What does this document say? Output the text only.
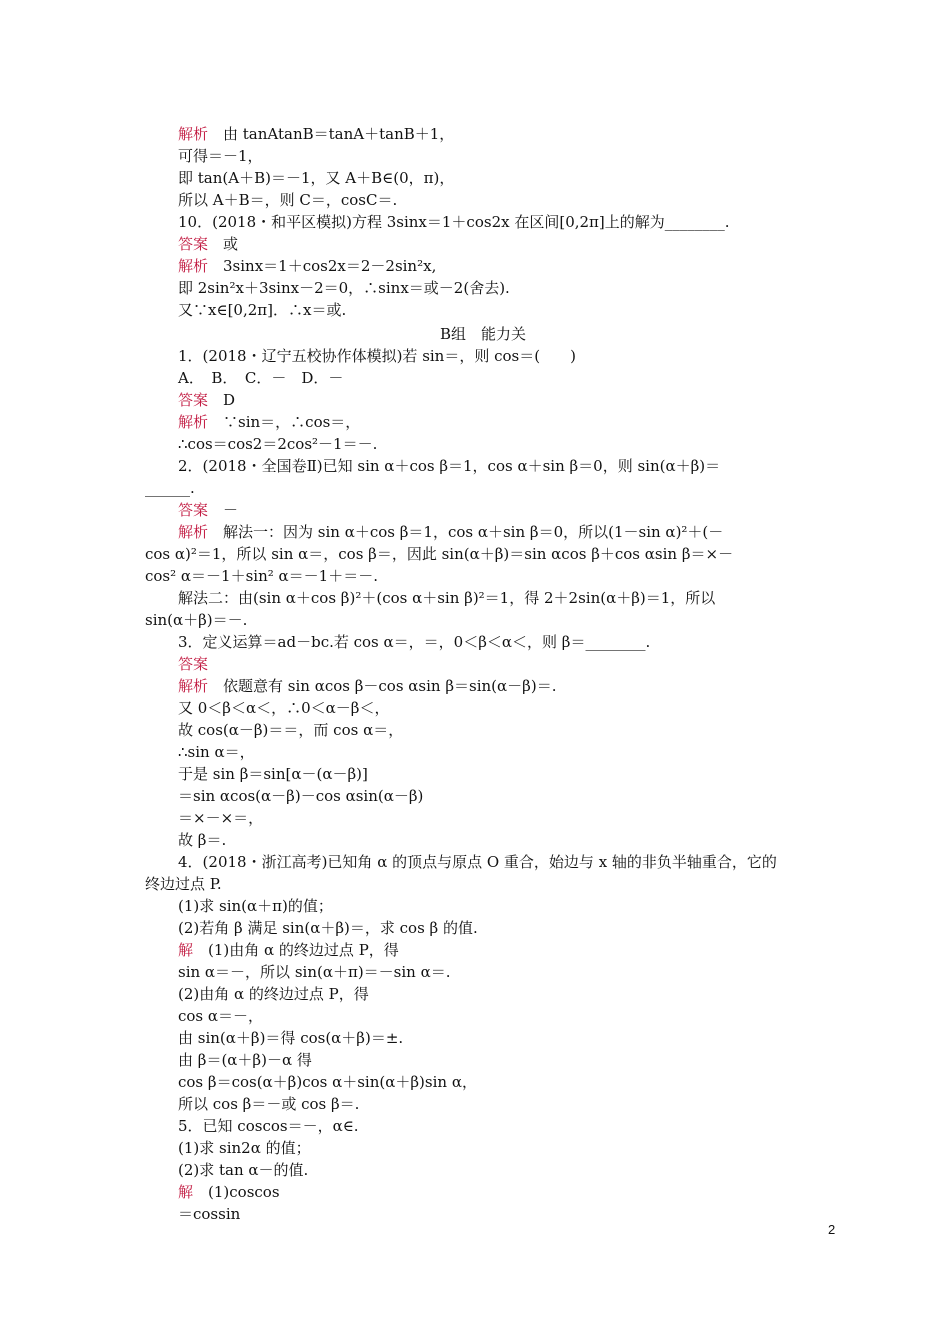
解析　由 tanAtanB＝tanA＋tanB＋1，
可得＝－1，
即 tan(A＋B)＝－1，又 A＋B∈(0，π)，
所以 A＋B＝，则 C＝，cosC＝.
10．(2018・和平区模拟)方程 3sinx＝1＋cos2x 在区间[0,2π]上的解为________.
答案　或
解析　3sinx＝1＋cos2x＝2－2sin²x,
即 2sin²x＋3sinx－2＝0，∴sinx＝或－2(舍去).
又∵x∈[0,2π]．∴x＝或.
B组　能力关
1．(2018・辽宁五校协作体模拟)若 sin＝，则 cos＝(　　)
A．　B．　C．－　D．－
答案　D
解析　∵sin＝，∴cos＝，
∴cos＝cos2＝2cos²－1＝－.
2．(2018・全国卷Ⅱ)已知 sin α＋cos β＝1，cos α＋sin β＝0，则 sin(α＋β)＝
______.
答案　－
解析　解法一：因为 sin α＋cos β＝1，cos α＋sin β＝0，所以(1－sin α)²＋(－
cos α)²＝1，所以 sin α＝，cos β＝，因此 sin(α＋β)＝sin αcos β＋cos αsin β＝×－
cos² α＝－1＋sin² α＝－1＋＝－.
解法二：由(sin α＋cos β)²＋(cos α＋sin β)²＝1，得 2＋2sin(α＋β)＝1，所以
sin(α＋β)＝－.
3．定义运算＝ad－bc.若 cos α＝，＝，0＜β＜α＜，则 β＝________.
答案
解析　依题意有 sin αcos β－cos αsin β＝sin(α－β)＝.
又 0＜β＜α＜，∴0＜α－β＜，
故 cos(α－β)＝＝，而 cos α＝，
∴sin α＝，
于是 sin β＝sin[α－(α－β)]
＝sin αcos(α－β)－cos αsin(α－β)
＝×－×＝，
故 β＝.
4．(2018・浙江高考)已知角 α 的顶点与原点 O 重合，始边与 x 轴的非负半轴重合，它的
终边过点 P.
(1)求 sin(α＋π)的值；
(2)若角 β 满足 sin(α＋β)＝，求 cos β 的值.
解　(1)由角 α 的终边过点 P，得
sin α＝－，所以 sin(α＋π)＝－sin α＝.
(2)由角 α 的终边过点 P，得
cos α＝－，
由 sin(α＋β)＝得 cos(α＋β)＝±.
由 β＝(α＋β)－α 得
cos β＝cos(α＋β)cos α＋sin(α＋β)sin α，
所以 cos β＝－或 cos β＝.
5．已知 coscos＝－，α∈.
(1)求 sin2α 的值；
(2)求 tan α－的值.
解　(1)coscos
＝cossin
2
